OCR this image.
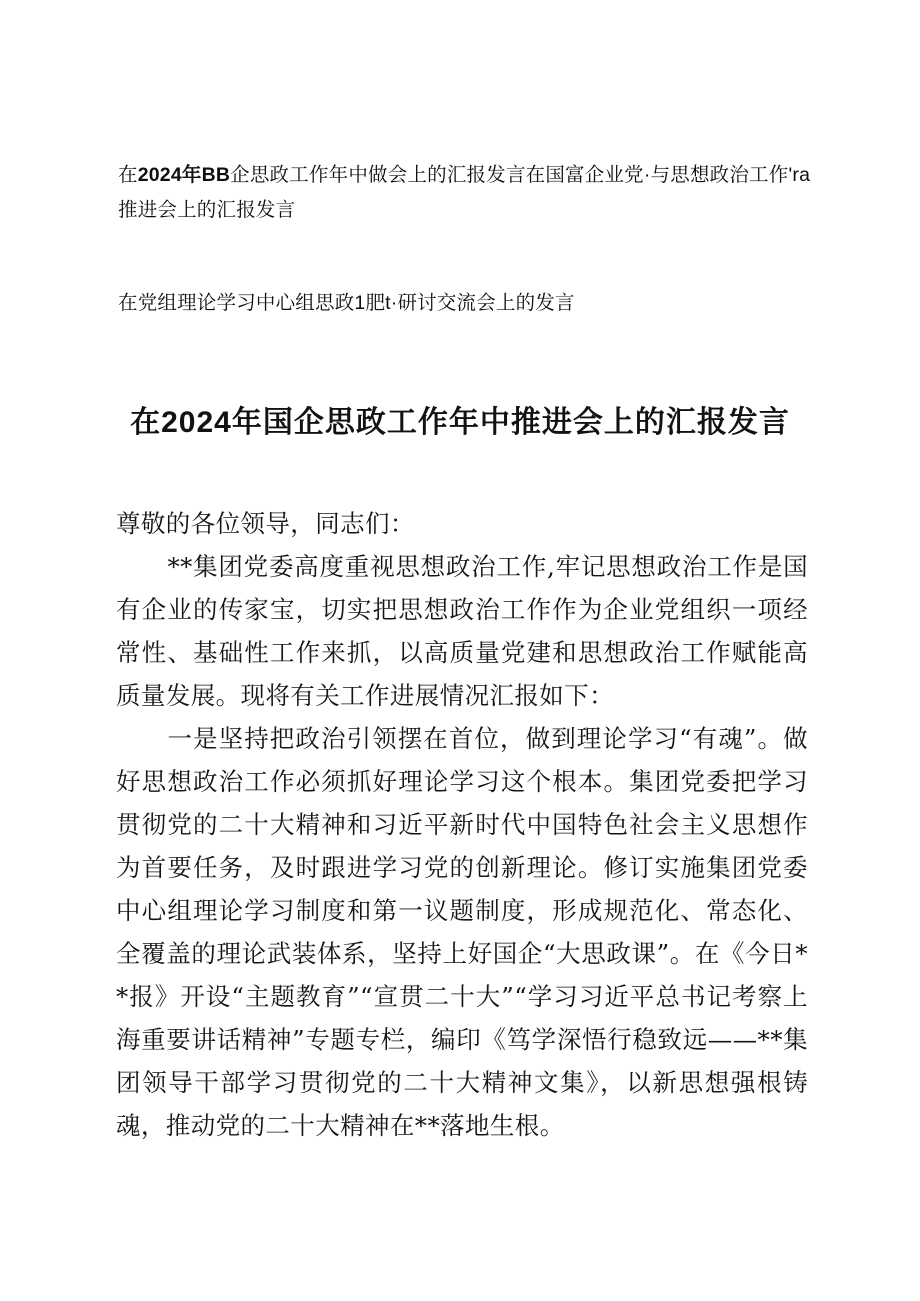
在2024年BB企思政工作年中做会上的汇报发言在国富企业党·与思想政治工作'ra推进会上的汇报发言
在党组理论学习中心组思政1肥t·研讨交流会上的发言
在2024年国企思政工作年中推进会上的汇报发言

尊敬的各位领导，同志们：

**集团党委高度重视思想政治工作,牢记思想政治工作是国有企业的传家宝，切实把思想政治工作作为企业党组织一项经常性、基础性工作来抓，以高质量党建和思想政治工作赋能高质量发展。现将有关工作进展情况汇报如下：

一是坚持把政治引领摆在首位，做到理论学习“有魂”。做好思想政治工作必须抓好理论学习这个根本。集团党委把学习贯彻党的二十大精神和习近平新时代中国特色社会主义思想作为首要任务，及时跟进学习党的创新理论。修订实施集团党委中心组理论学习制度和第一议题制度，形成规范化、常态化、全覆盖的理论武装体系，坚持上好国企“大思政课”。在《今日**报》开设“主题教育”“宣贯二十大”“学习习近平总书记考察上海重要讲话精神”专题专栏，编印《笃学深悟行稳致远——**集团领导干部学习贯彻党的二十大精神文集》，以新思想强根铸魂，推动党的二十大精神在**落地生根。
